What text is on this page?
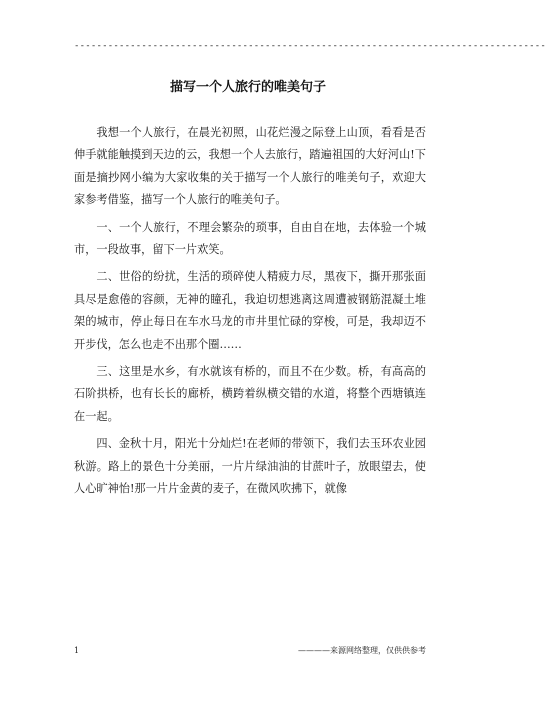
------------------------------------------------------------------------------------
描写一个人旅行的唯美句子

我想一个人旅行，在晨光初照，山花烂漫之际登上山顶，看看是否伸手就能触摸到天边的云，我想一个人去旅行，踏遍祖国的大好河山!下面是摘抄网小编为大家收集的关于描写一个人旅行的唯美句子，欢迎大家参考借鉴，描写一个人旅行的唯美句子。

一、一个人旅行，不理会繁杂的琐事，自由自在地，去体验一个城市，一段故事，留下一片欢笑。

二、世俗的纷扰，生活的琐碎使人精疲力尽，黑夜下，撕开那张面具尽是愈倦的容颜，无神的瞳孔，我迫切想逃离这周遭被钢筋混凝土堆架的城市，停止每日在车水马龙的市井里忙碌的穿梭，可是，我却迈不开步伐，怎么也走不出那个圈……

三、这里是水乡，有水就该有桥的，而且不在少数。桥，有高高的石阶拱桥，也有长长的廊桥，横跨着纵横交错的水道，将整个西塘镇连在一起。

四、金秋十月，阳光十分灿烂!在老师的带领下，我们去玉环农业园秋游。路上的景色十分美丽，一片片绿油油的甘蔗叶子，放眼望去，使人心旷神怡!那一片片金黄的麦子，在微风吹拂下，就像

1	————来源网络整理，仅供供参考
